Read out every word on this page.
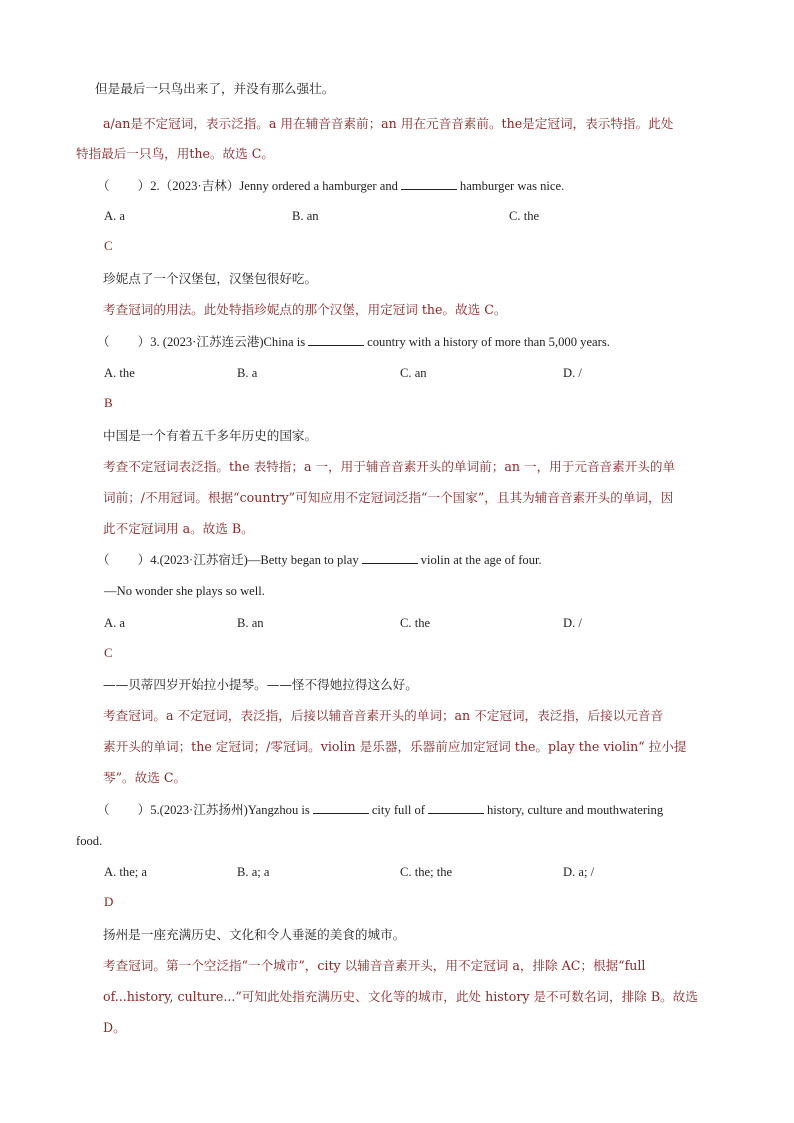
但是最后一只鸟出来了，并没有那么强壮。
a/an是不定冠词，表示泛指。a 用在辅音音素前；an 用在元音音素前。the是定冠词，表示特指。此处
特指最后一只鸟，用the。故选 C。
（ ）2.（2023·吉林）Jenny ordered a hamburger and	hamburger was nice.
A. a	B. an	C. the
C
珍妮点了一个汉堡包，汉堡包很好吃。
考查冠词的用法。此处特指珍妮点的那个汉堡，用定冠词 the。故选 C。
（ ）3. (2023·江苏连云港)China is	country with a history of more than 5,000 years.
A. the	B. a	C. an	D. /
B
中国是一个有着五千多年历史的国家。
考查不定冠词表泛指。the 表特指；a 一，用于辅音音素开头的单词前；an 一，用于元音音素开头的单
词前；/不用冠词。根据“country”可知应用不定冠词泛指“一个国家”，且其为辅音音素开头的单词，因
此不定冠词用 a。故选 B。
（ ）4.(2023·江苏宿迁)—Betty began to play	violin at the age of four.
—No wonder she plays so well.
A. a	B. an	C. the	D. /
C
——贝蒂四岁开始拉小提琴。——怪不得她拉得这么好。
考查冠词。a 不定冠词，表泛指，后接以辅音音素开头的单词；an 不定冠词，表泛指，后接以元音音
素开头的单词；the 定冠词；/零冠词。violin 是乐器，乐器前应加定冠词 the。play the violin“ 拉小提
琴”。故选 C。
（ ）5.(2023·江苏扬州)Yangzhou is	city full of	history, culture and mouthwatering
food.
A. the; a	B. a; a	C. the; the	D. a; /
D
扬州是一座充满历史、文化和令人垂涎的美食的城市。
考查冠词。第一个空泛指“一个城市”，city 以辅音音素开头，用不定冠词 a，排除 AC；根据“full
of...history, culture...”可知此处指充满历史、文化等的城市，此处 history 是不可数名词，排除 B。故选
D。
